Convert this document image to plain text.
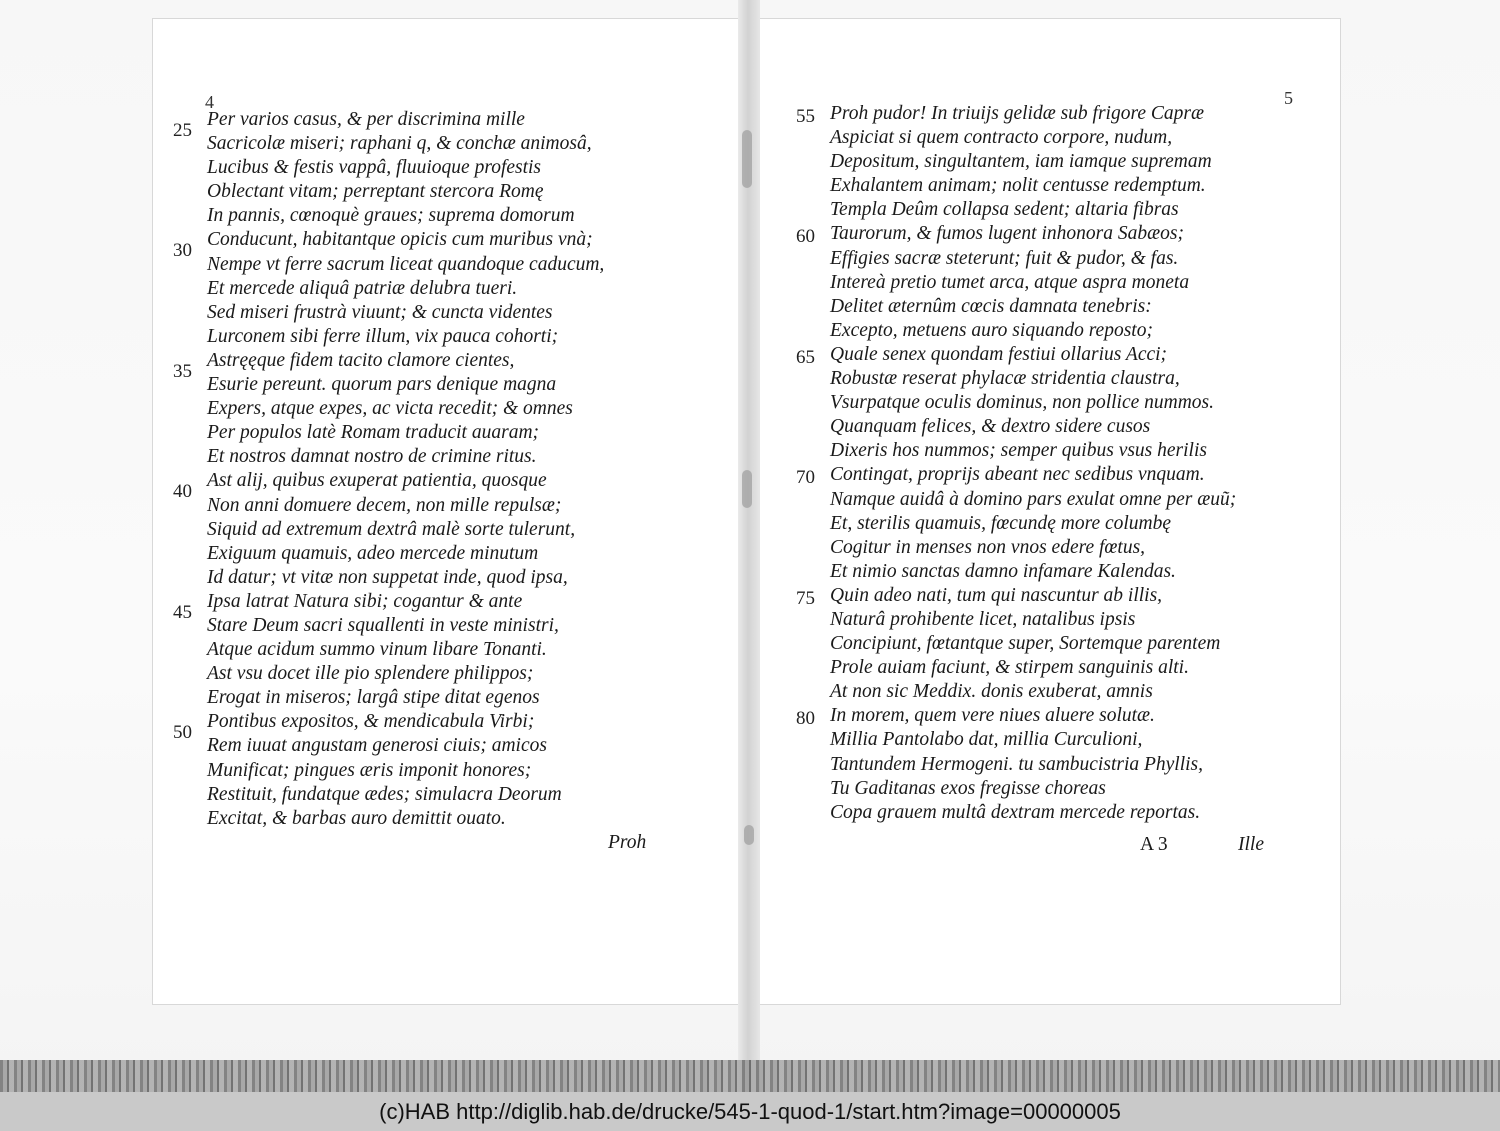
4
25
30
35
40
45
50
Per varios casus, & per discrimina mille
Sacricolæ miseri; raphani q, & conchæ animosâ,
Lucibus & festis vappâ, fluuioque profestis
Oblectant vitam; perreptant stercora Romę
In pannis, cœnoquè graues; suprema domorum
Conducunt, habitantque opicis cum muribus vnà;
Nempe vt ferre sacrum liceat quandoque caducum,
Et mercede aliquâ patriæ delubra tueri.
Sed miseri frustrà viuunt; & cuncta videntes
Lurconem sibi ferre illum, vix pauca cohorti;
Astręęque fidem tacito clamore cientes,
Esurie pereunt. quorum pars denique magna
Expers, atque expes, ac victa recedit; & omnes
Per populos latè Romam traducit auaram;
Et nostros damnat nostro de crimine ritus.
Ast alij, quibus exuperat patientia, quosque
Non anni domuere decem, non mille repulsæ;
Siquid ad extremum dextrâ malè sorte tulerunt,
Exiguum quamuis, adeo mercede minutum
Id datur; vt vitæ non suppetat inde, quod ipsa,
Ipsa latrat Natura sibi; cogantur & ante
Stare Deum sacri squallenti in veste ministri,
Atque acidum summo vinum libare Tonanti.
Ast vsu docet ille pio splendere philippos;
Erogat in miseros; largâ stipe ditat egenos
Pontibus expositos, & mendicabula Virbi;
Rem iuuat angustam generosi ciuis; amicos
Munificat; pingues æris imponit honores;
Restituit, fundatque ædes; simulacra Deorum
Excitat, & barbas auro demittit ouato.
Proh
5
55
60
65
70
75
80
Proh pudor! In triuijs gelidæ sub frigore Capræ
Aspiciat si quem contracto corpore, nudum,
Depositum, singultantem, iam iamque supremam
Exhalantem animam; nolit centusse redemptum.
Templa Deûm collapsa sedent; altaria fibras
Taurorum, & fumos lugent inhonora Sabæos;
Effigies sacræ steterunt; fuit & pudor, & fas.
Intereà pretio tumet arca, atque aspra moneta
Delitet æternûm cœcis damnata tenebris:
Excepto, metuens auro siquando reposto;
Quale senex quondam festiui ollarius Acci;
Robustæ reserat phylacæ stridentia claustra,
Vsurpatque oculis dominus, non pollice nummos.
Quanquam felices, & dextro sidere cusos
Dixeris hos nummos; semper quibus vsus herilis
Contingat, proprijs abeant nec sedibus vnquam.
Namque auidâ à domino pars exulat omne per æuũ;
Et, sterilis quamuis, fœcundę more columbę
Cogitur in menses non vnos edere fœtus,
Et nimio sanctas damno infamare Kalendas.
Quin adeo nati, tum qui nascuntur ab illis,
Naturâ prohibente licet, natalibus ipsis
Concipiunt, fœtantque super, Sortemque parentem
Prole auiam faciunt, & stirpem sanguinis alti.
At non sic Meddix. donis exuberat, amnis
In morem, quem vere niues aluere solutæ.
Millia Pantolabo dat, millia Curculioni,
Tantundem Hermogeni. tu sambucistria Phyllis,
Tu Gaditanas exos fregisse choreas
Copa grauem multâ dextram mercede reportas.
A 3	Ille
(c)HAB http://diglib.hab.de/drucke/545-1-quod-1/start.htm?image=00000005
